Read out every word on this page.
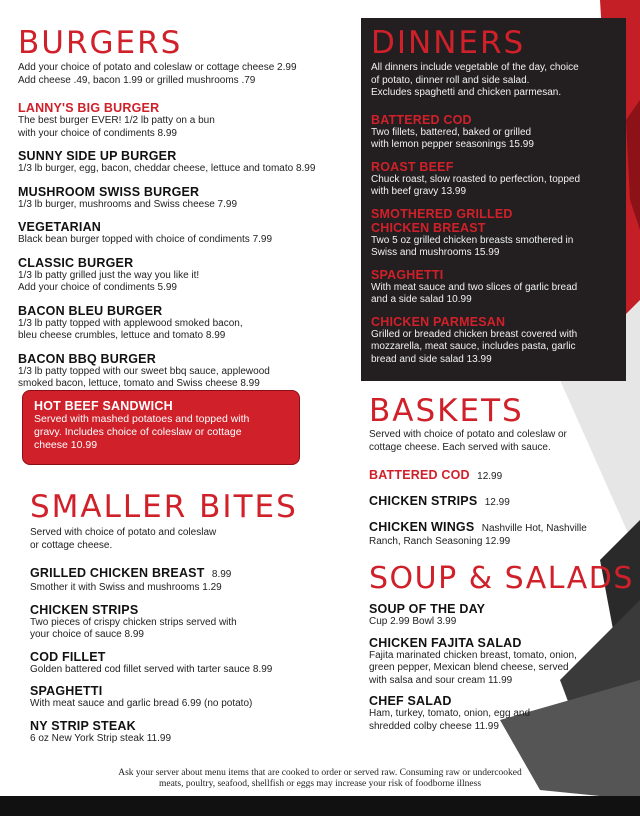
BURGERS
Add your choice of potato and coleslaw or cottage cheese 2.99
Add cheese .49, bacon 1.99 or grilled mushrooms .79
LANNY'S BIG BURGER
The best burger EVER! 1/2 lb patty on a bun
with your choice of condiments 8.99
SUNNY SIDE UP BURGER
1/3 lb burger, egg, bacon, cheddar cheese, lettuce and tomato 8.99
MUSHROOM SWISS BURGER
1/3 lb burger, mushrooms and Swiss cheese 7.99
VEGETARIAN
Black bean burger topped with choice of condiments 7.99
CLASSIC BURGER
1/3 lb patty grilled just the way you like it!
Add your choice of condiments 5.99
BACON BLEU BURGER
1/3 lb patty topped with applewood smoked bacon,
bleu cheese crumbles, lettuce and tomato 8.99
BACON BBQ BURGER
1/3 lb patty topped with our sweet bbq sauce, applewood
smoked bacon, lettuce, tomato and Swiss cheese 8.99
DINNERS
All dinners include vegetable of the day, choice
of potato, dinner roll and side salad.
Excludes spaghetti and chicken parmesan.
BATTERED COD
Two fillets, battered, baked or grilled
with lemon pepper seasonings 15.99
ROAST BEEF
Chuck roast, slow roasted to perfection, topped
with beef gravy 13.99
SMOTHERED GRILLED
CHICKEN BREAST
Two 5 oz grilled chicken breasts smothered in
Swiss and mushrooms 15.99
SPAGHETTI
With meat sauce and two slices of garlic bread
and a side salad 10.99
CHICKEN PARMESAN
Grilled or breaded chicken breast covered with
mozzarella, meat sauce, includes pasta, garlic
bread and side salad 13.99
HOT BEEF SANDWICH
Served with mashed potatoes and topped with
gravy. Includes choice of coleslaw or cottage
cheese 10.99
SMALLER BITES
Served with choice of potato and coleslaw
or cottage cheese.
GRILLED CHICKEN BREAST 8.99
Smother it with Swiss and mushrooms 1.29
CHICKEN STRIPS
Two pieces of crispy chicken strips served with
your choice of sauce 8.99
COD FILLET
Golden battered cod fillet served with tarter sauce 8.99
SPAGHETTI
With meat sauce and garlic bread 6.99 (no potato)
NY STRIP STEAK
6 oz New York Strip steak 11.99
BASKETS
Served with choice of potato and coleslaw or
cottage cheese. Each served with sauce.
BATTERED COD 12.99
CHICKEN STRIPS 12.99
CHICKEN WINGS Nashville Hot, Nashville
Ranch, Ranch Seasoning 12.99
SOUP & SALADS
SOUP OF THE DAY
Cup 2.99 Bowl 3.99
CHICKEN FAJITA SALAD
Fajita marinated chicken breast, tomato, onion,
green pepper, Mexican blend cheese, served
with salsa and sour cream 11.99
CHEF SALAD
Ham, turkey, tomato, onion, egg and
shredded colby cheese 11.99
Ask your server about menu items that are cooked to order or served raw. Consuming raw or undercooked
meats, poultry, seafood, shellfish or eggs may increase your risk of foodborne illness
